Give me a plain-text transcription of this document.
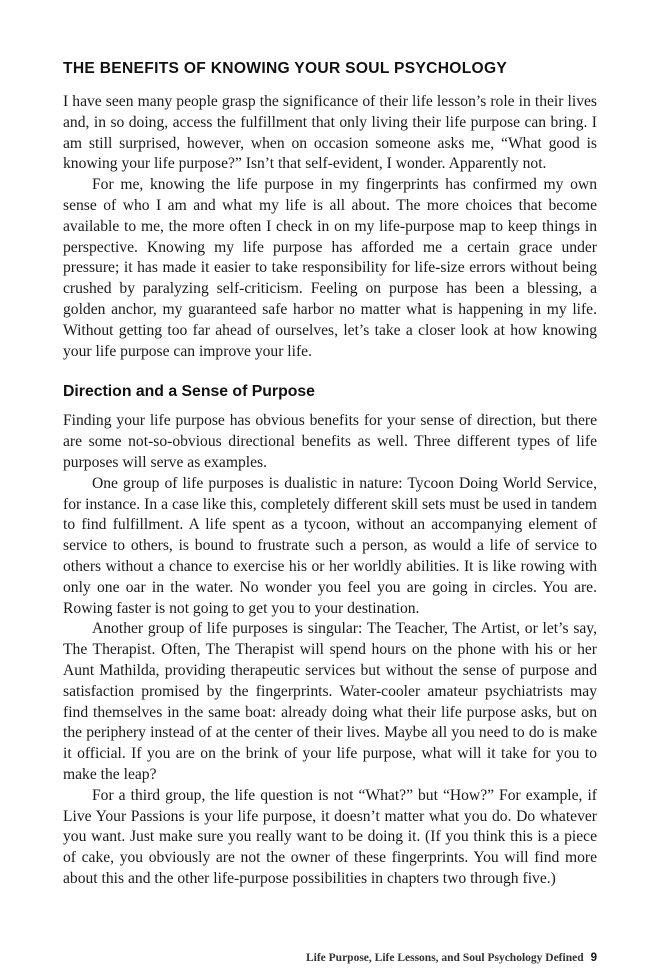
THE BENEFITS OF KNOWING YOUR SOUL PSYCHOLOGY

I have seen many people grasp the significance of their life lesson’s role in their lives and, in so doing, access the fulfillment that only living their life purpose can bring. I am still surprised, however, when on occasion someone asks me, “What good is knowing your life purpose?” Isn’t that self-evident, I wonder. Apparently not.

For me, knowing the life purpose in my fingerprints has confirmed my own sense of who I am and what my life is all about. The more choices that become available to me, the more often I check in on my life-purpose map to keep things in perspective. Knowing my life purpose has afforded me a certain grace under pressure; it has made it easier to take responsibility for life-size errors without being crushed by paralyzing self-criticism. Feeling on purpose has been a blessing, a golden anchor, my guaranteed safe harbor no matter what is happening in my life. Without getting too far ahead of ourselves, let’s take a closer look at how knowing your life purpose can improve your life.

Direction and a Sense of Purpose

Finding your life purpose has obvious benefits for your sense of direction, but there are some not-so-obvious directional benefits as well. Three different types of life purposes will serve as examples.

One group of life purposes is dualistic in nature: Tycoon Doing World Service, for instance. In a case like this, completely different skill sets must be used in tandem to find fulfillment. A life spent as a tycoon, without an accompanying element of service to others, is bound to frustrate such a person, as would a life of service to others without a chance to exercise his or her worldly abilities. It is like rowing with only one oar in the water. No wonder you feel you are going in circles. You are. Rowing faster is not going to get you to your destination.

Another group of life purposes is singular: The Teacher, The Artist, or let’s say, The Therapist. Often, The Therapist will spend hours on the phone with his or her Aunt Mathilda, providing therapeutic services but without the sense of purpose and satisfaction promised by the fingerprints. Water-cooler amateur psychiatrists may find themselves in the same boat: already doing what their life purpose asks, but on the periphery instead of at the center of their lives. Maybe all you need to do is make it official. If you are on the brink of your life purpose, what will it take for you to make the leap?

For a third group, the life question is not “What?” but “How?” For example, if Live Your Passions is your life purpose, it doesn’t matter what you do. Do whatever you want. Just make sure you really want to be doing it. (If you think this is a piece of cake, you obviously are not the owner of these fingerprints. You will find more about this and the other life-purpose possibilities in chapters two through five.)

Life Purpose, Life Lessons, and Soul Psychology Defined 9
